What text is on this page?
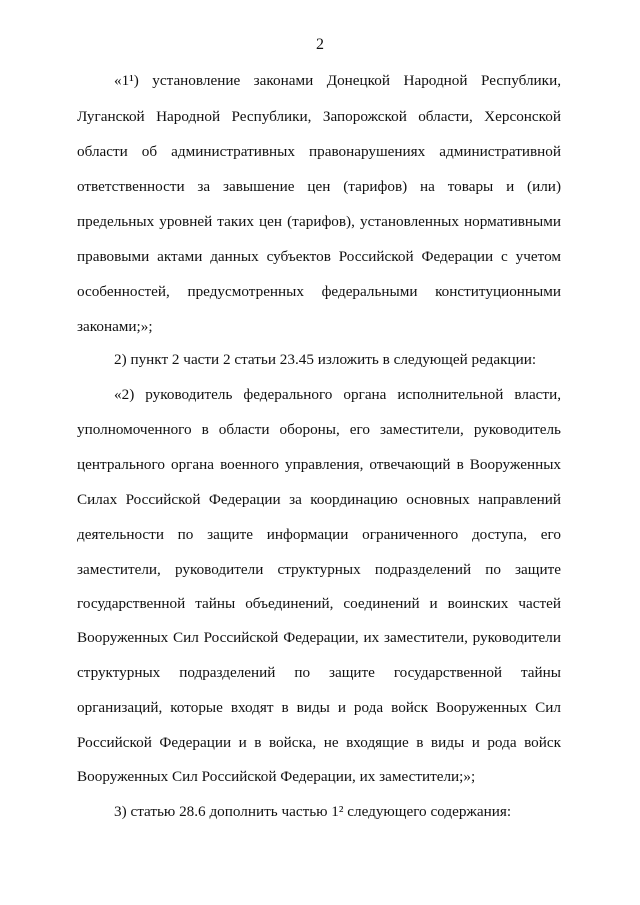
2
«1¹) установление законами Донецкой Народной Республики,
Луганской Народной Республики, Запорожской области, Херсонской
области об административных правонарушениях административной
ответственности за завышение цен (тарифов) на товары и (или)
предельных уровней таких цен (тарифов), установленных нормативными
правовыми актами данных субъектов Российской Федерации с учетом
особенностей, предусмотренных федеральными конституционными
законами;»;
2) пункт 2 части 2 статьи 23.45 изложить в следующей редакции:
«2) руководитель федерального органа исполнительной власти,
уполномоченного в области обороны, его заместители, руководитель
центрального органа военного управления, отвечающий в Вооруженных
Силах Российской Федерации за координацию основных направлений
деятельности по защите информации ограниченного доступа, его
заместители, руководители структурных подразделений по защите
государственной тайны объединений, соединений и воинских частей
Вооруженных Сил Российской Федерации, их заместители, руководители
структурных подразделений по защите государственной тайны
организаций, которые входят в виды и рода войск Вооруженных Сил
Российской Федерации и в войска, не входящие в виды и рода войск
Вооруженных Сил Российской Федерации, их заместители;»;
3) статью 28.6 дополнить частью 1² следующего содержания:
